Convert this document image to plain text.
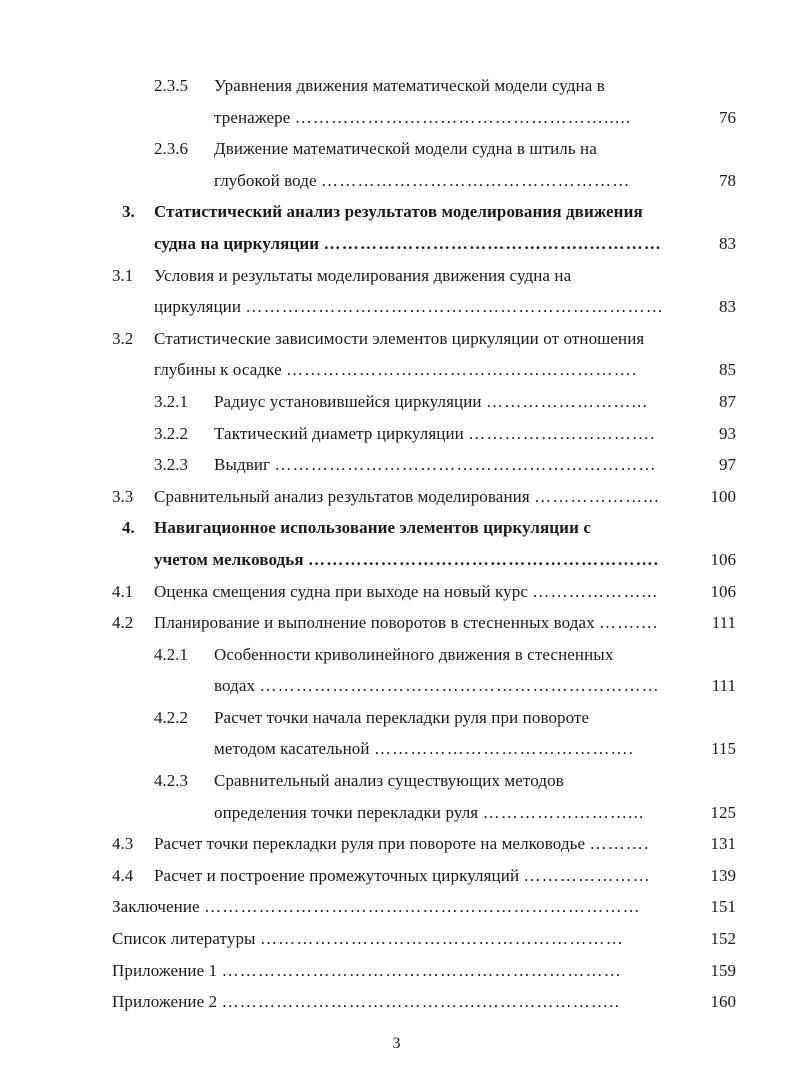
2.3.5 Уравнения движения математической модели судна в
тренажере …………………………………………….....	76
2.3.6 Движение математической модели судна в штиль на
глубокой воде ……………………………………………	78
3. Статистический анализ результатов моделирования движения
судна на циркуляции ……………………………………..…………	83
3.1 Условия и результаты моделирования движения судна на
циркуляции ……………………………………………………………	83
3.2 Статистические зависимости элементов циркуляции от отношения
глубины к осадке ………………………………………………….	85
3.2.1 Радиус установившейся циркуляции ……………………...	87
3.2.2 Тактический диаметр циркуляции ………………………….	93
3.2.3 Выдвиг ………………………………………………………	97
3.3 Сравнительный анализ результатов моделирования ………………...	100
4. Навигационное использование элементов циркуляции с
учетом мелководья ………………………………………………….	106
4.1 Оценка смещения судна при выходе на новый курс ………………...	106
4.2 Планирование и выполнение поворотов в стесненных водах …….…	111
4.2.1 Особенности криволинейного движения в стесненных
водах …………………………………………………………	111
4.2.2 Расчет точки начала перекладки руля при повороте
методом касательной …………………………………….	115
4.2.3 Сравнительный анализ существующих методов
определения точки перекладки руля ……………………...	125
4.3 Расчет точки перекладки руля при повороте на мелководье ……….	131
4.4 Расчет и построение промежуточных циркуляций …………………	139
Заключение ………………………………………………………………	151
Список литературы ……………………………………………………	152
Приложение 1 …………………………………………………………	159
Приложение 2 …………………………………….…………………..	160
3
